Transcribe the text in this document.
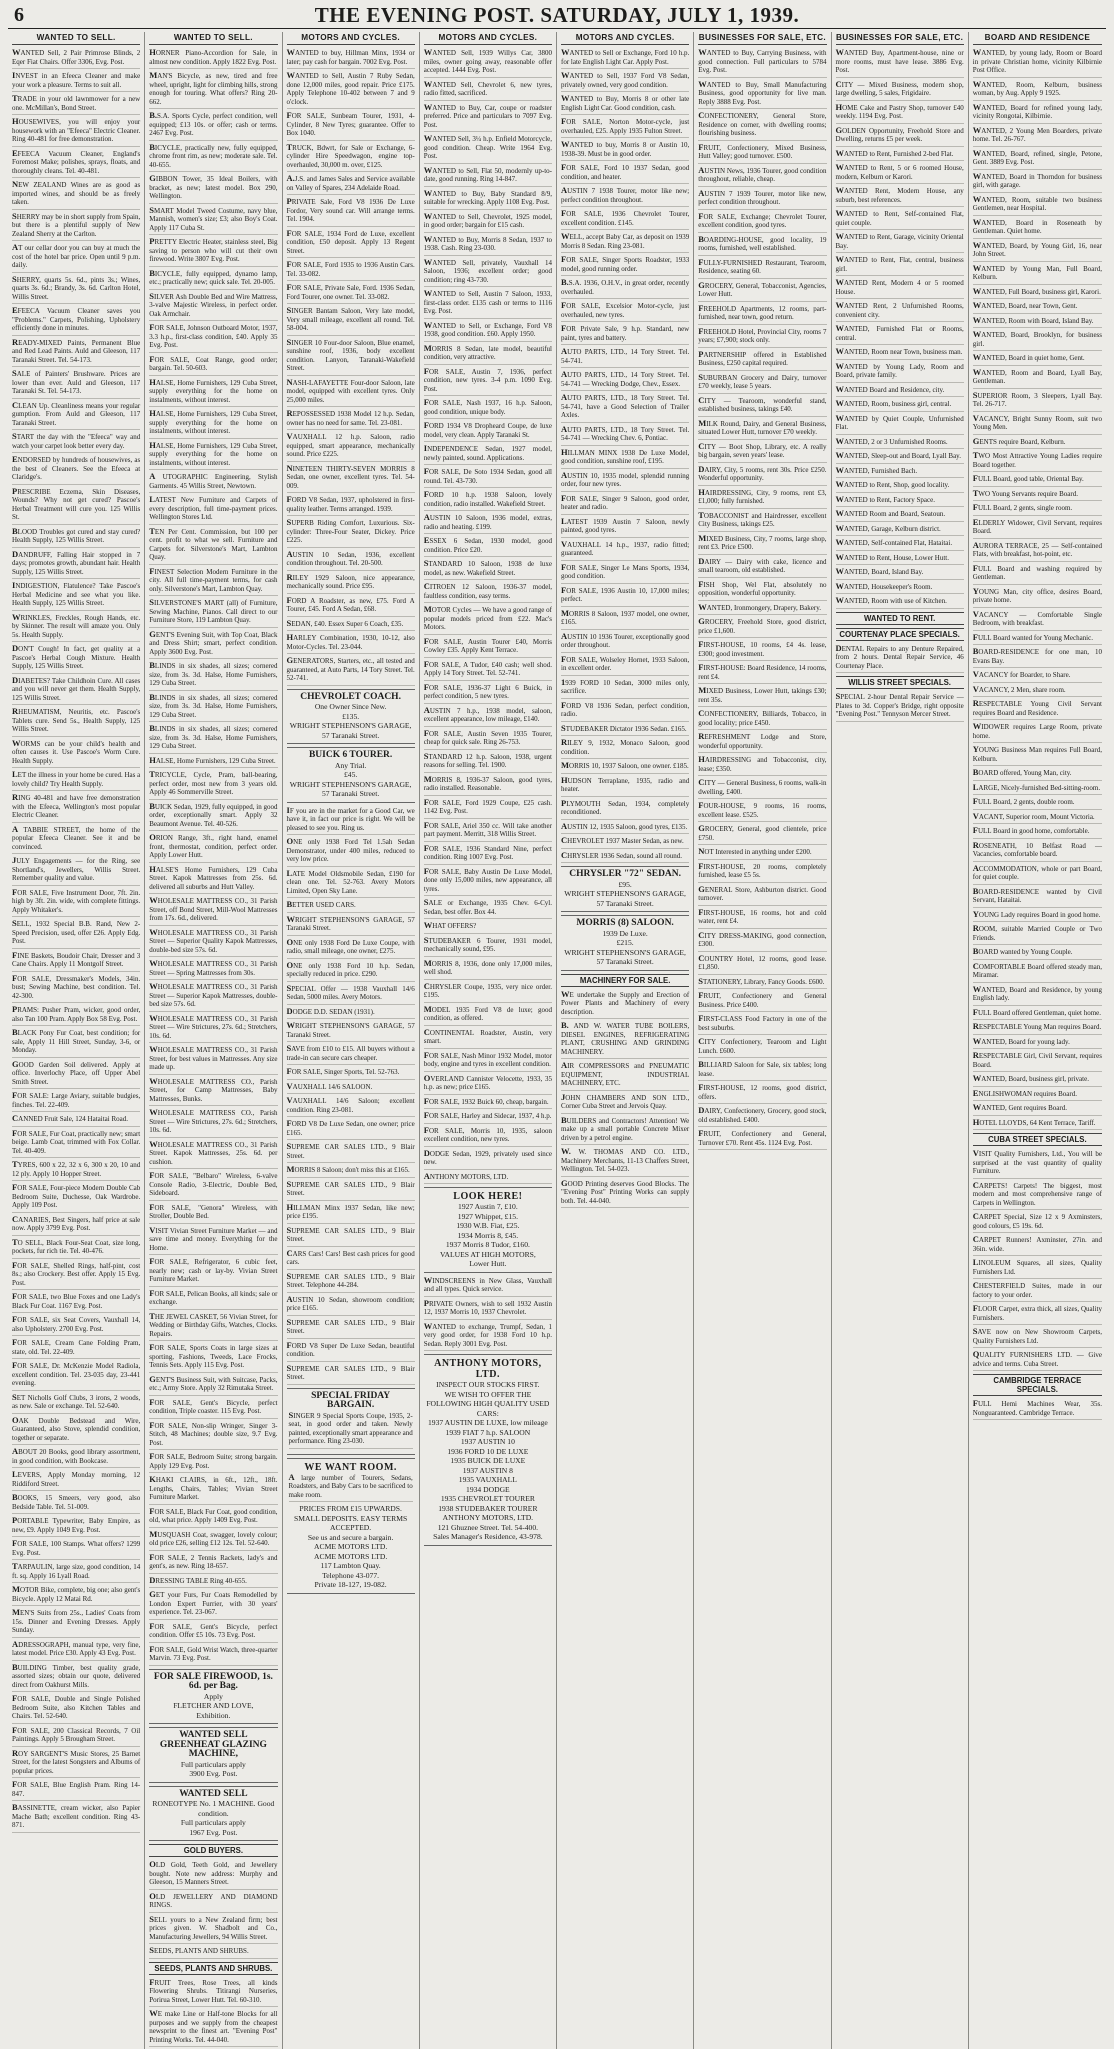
6	THE EVENING POST. SATURDAY, JULY 1, 1939.
WANTED TO SELL.

WANTED Sell, 2 Pair Primrose Blinds, 2 Eqer Fiat Chairs. Offer 3306, Evg. Post.

INVEST in an Efeeca Cleaner and make your work a pleasure. Terms to suit all.

TRADE in your old lawnmower for a new one. McMillan's, Bond Street.

HOUSEWIVES, you will enjoy your housework with an "Efeeca" Electric Cleaner. Ring 40-481 for free demonstration.

EFEECA Vacuum Cleaner, England's Foremost Make; polishes, sprays, floats, and thoroughly cleans. Tel. 40-481.

NEW ZEALAND Wines are as good as imported wines, and should be as freely taken.

SHERRY may be in short supply from Spain, but there is a plentiful supply of New Zealand Sherry at the Carlton.

AT our cellar door you can buy at much the cost of the hotel bar price. Open until 9 p.m. daily.

SHERRY, quarts 5s. 6d., pints 3s.; Wines, quarts 3s. 6d.; Brandy, 3s. 6d. Carlton Hotel, Willis Street.

EFEECA Vacuum Cleaner saves you "Problems." Carpets, Polishing, Upholstery efficiently done in minutes.

READY-MIXED Paints, Permanent Blue and Red Lead Paints. Auld and Gleeson, 117 Taranaki Street. Tel. 54-173.

SALE of Painters' Brushware. Prices are lower than ever. Auld and Gleeson, 117 Taranaki St. Tel. 54-173.

CLEAN Up. Cleanliness means your regular gumption. From Auld and Gleeson, 117 Taranaki Street.

START the day with the "Efeeca" way and watch your carpet look better every day.

ENDORSED by hundreds of housewives, as the best of Cleaners. See the Efeeca at Claridge's.

PRESCRIBE Eczema, Skin Diseases, Wounds? Why not get cured? Pascoe's Herbal Treatment will cure you. 125 Willis St.

BLOOD Troubles got cured and stay cured? Health Supply, 125 Willis Street.

DANDRUFF, Falling Hair stopped in 7 days; promotes growth, abundant hair. Health Supply, 125 Willis Street.

INDIGESTION, Flatulence? Take Pascoe's Herbal Medicine and see what you like. Health Supply, 125 Willis Street.

WRINKLES, Freckles, Rough Hands, etc. by Skinner. The result will amaze you. Only 5s. Health Supply.

DON'T Cough! In fact, get quality at a Pascoe's Herbal Cough Mixture. Health Supply, 125 Willis Street.

DIABETES? Take Childhoin Cure. All cases and you will never get them. Health Supply, 125 Willis Street.

RHEUMATISM, Neuritis, etc. Pascoe's Tablets cure. Send 5s., Health Supply, 125 Willis Street.

WORMS can be your child's health and often causes it. Use Pascoe's Worm Cure. Health Supply.

LET the illness in your home be cured. Has a lovely child? Try Health Supply.

RING 40-481 and have free demonstration with the Efeeca, Wellington's most popular Electric Cleaner.

A TABBIE STREET, the home of the popular Efeeca Cleaner. See it and be convinced.

JULY Engagements — for the Ring, see Shortland's, Jewellers, Willis Street. Remember quality and value.

FOR SALE, Five Instrument Door, 7ft. 2in. high by 3ft. 2in. wide, with complete fittings. Apply Whitaker's.

SELL, 1932 Special B.B. Rand, New 2-Speed Precision, used, offer £26. Apply Edg. Post.

FINE Baskets, Boudoir Chair, Dresser and 3 Cane Chairs. Apply 11 Montgolf Street.

FOR SALE, Dressmaker's Models, 34in. bust; Sewing Machine, best condition. Tel. 42-300.

PRAMS: Pusher Pram, wicker, good order, also Tan 100 Pram. Apply Box 58 Evg. Post.

BLACK Pony Fur Coat, best condition; for sale, Apply 11 Hill Street, Sunday, 3-6, or Monday.

GOOD Garden Soil delivered. Apply at office. Inverlochy Place, off Upper Abel Smith Street.

FOR SALE: Large Aviary, suitable budgies, finches. Tel. 22-409.

CANNED Fruit Sale, 124 Hataitai Road.

FOR SALE, Fur Coat, practically new; smart beige. Lamb Coat, trimmed with Fox Collar. Tel. 40-409.

TYRES, 600 x 22, 32 x 6, 300 x 20, 10 and 12 ply. Apply 10 Hopper Street.

FOR SALE, Four-piece Modern Double Cab Bedroom Suite, Duchesse, Oak Wardrobe. Apply 109 Post.

CANARIES, Best Singers, half price at sale now. Apply 3799 Evg. Post.

TO SELL, Black Four-Seat Coat, size long, pockets, fur rich tie. Tel. 40-476.

FOR SALE, Shelled Rings, half-pint, cost 8s.; also Crockery. Best offer. Apply 15 Evg. Post.

FOR SALE, two Blue Foxes and one Lady's Black Fur Coat. 1167 Evg. Post.

FOR SALE, six Seat Covers, Vauxhall 14, also Upholstery. 2700 Evg. Post.

FOR SALE, Cream Cane Folding Pram, state, old. Tel. 22-409.

FOR SALE, Dr. McKenzie Model Radiola, excellent condition. Tel. 23-035 day, 23-441 evening.

SET Nicholls Golf Clubs, 3 irons, 2 woods, as new. Sale or exchange. Tel. 52-640.

OAK Double Bedstead and Wire, Guaranteed, also Stove, splendid condition, together or separate.

ABOUT 20 Books, good library assortment, in good condition, with Bookcase.

LEVERS, Apply Monday morning, 12 Riddiford Street.

BOOKS, 15 Smeers, very good, also Bedside Table. Tel. 51-009.

PORTABLE Typewriter, Baby Empire, as new, £9. Apply 1049 Evg. Post.

FOR SALE, 100 Stamps. What offers? 1299 Evg. Post.

TARPAULIN, large size, good condition, 14 ft. sq. Apply 16 Lyall Road.

MOTOR Bike, complete, big one; also gent's Bicycle. Apply 12 Matai Rd.

MEN'S Suits from 25s., Ladies' Coats from 15s. Dinner and Evening Dresses. Apply Sunday.

ADRESSOGRAPH, manual type, very fine, latest model. Price £30. Apply 43 Evg. Post.

BUILDING Timber, best quality grade, assorted sizes; obtain our quote, delivered direct from Oakhurst Mills.

FOR SALE, Double and Single Polished Bedroom Suite, also Kitchen Tables and Chairs. Tel. 52-640.

FOR SALE, 200 Classical Records, 7 Oil Paintings. Apply 5 Brougham Street.

ROY SARGENT'S Music Stores, 25 Barnet Street, for the latest Songsters and Albums of popular prices.

FOR SALE, Blue English Pram. Ring 14-847.

BASSINETTE, cream wicker, also Papier Mache Bath; excellent condition. Ring 43-871.

WANTED TO SELL.

HORNER Piano-Accordion for Sale, in almost new condition. Apply 1822 Evg. Post.

MAN'S Bicycle, as new, tired and free wheel, upright, light for climbing hills, strong enough for touring. What offers? Ring 20-662.

B.S.A. Sports Cycle, perfect condition, well equipped; £13 10s. or offer; cash or terms. 2467 Evg. Post.

BICYCLE, practically new, fully equipped, chrome front rim, as new; moderate sale. Tel. 40-655.

GIBBON Tower, 35 Ideal Boilers, with bracket, as new; latest model. Box 290, Wellington.

SMART Model Tweed Costume, navy blue, Mannish, women's size; £3; also Boy's Coat. Apply 117 Cuba St.

PRETTY Electric Heater, stainless steel, Big saving to person who will cut their own firewood. Write 3807 Evg. Post.

BICYCLE, fully equipped, dynamo lamp, etc.; practically new; quick sale. Tel. 20-005.

SILVER Ash Double Bed and Wire Mattress, 3-valve Majestic Wireless, in perfect order. Oak Armchair.

FOR SALE, Johnson Outboard Motor, 1937, 3.3 h.p., first-class condition, £40. Apply 35 Evg. Post.

FOR SALE, Coat Range, good order; bargain. Tel. 50-603.

HALSE, Home Furnishers, 129 Cuba Street, supply everything for the home on instalments, without interest.

HALSE, Home Furnishers, 129 Cuba Street, supply everything for the home on instalments, without interest.

HALSE, Home Furnishers, 129 Cuba Street, supply everything for the home on instalments, without interest.

A UTOGRAPHIC Engineering, Stylish Garments. 45 Willis Street, Newtown.

LATEST New Furniture and Carpets of every description, full time-payment prices. Wellington Stores Ltd.

TEN Per Cent. Commission, but 100 per cent. profit to what we sell. Furniture and Carpets for. Silverstone's Mart, Lambton Quay.

FINEST Selection Modern Furniture in the city. All full time-payment terms, for cash only. Silverstone's Mart, Lambton Quay.

SILVERSTONE'S MART (all) of Furniture, Sewing Machine, Pianos. Call direct to our Furniture Store, 119 Lambton Quay.

GENT'S Evening Suit, with Top Coat, Black and Dress Shirt; smart, perfect condition. Apply 3600 Evg. Post.

BLINDS in six shades, all sizes; cornered size, from 3s. 3d. Halse, Home Furnishers, 129 Cuba Street.

BLINDS in six shades, all sizes; cornered size, from 3s. 3d. Halse, Home Furnishers, 129 Cuba Street.

BLINDS in six shades, all sizes; cornered size, from 3s. 3d. Halse, Home Furnishers, 129 Cuba Street.

HALSE, Home Furnishers, 129 Cuba Street.

TRICYCLE, Cycle, Pram, ball-bearing, perfect order, most new from 3 years old. Apply 46 Sommerville Street.

BUICK Sedan, 1929, fully equipped, in good order, exceptionally smart. Apply 32 Beaumont Avenue. Tel. 40-526.

ORION Range, 3ft., right hand, enamel front, thermostat, condition, perfect order. Apply Lower Hutt.

HALSE'S Home Furnishers, 129 Cuba Street. Kapok Mattresses from 25s. 6d. delivered all suburbs and Hutt Valley.

WHOLESALE MATTRESS CO., 31 Parish Street, off Bond Street, Mill-Wool Mattresses from 17s. 6d., delivered.

WHOLESALE MATTRESS CO., 31 Parish Street — Superior Quality Kapok Mattresses, double-bed size 57s. 6d.

WHOLESALE MATTRESS CO., 31 Parish Street — Spring Mattresses from 30s.

WHOLESALE MATTRESS CO., 31 Parish Street — Superior Kapok Mattresses, double-bed size 57s. 6d.

WHOLESALE MATTRESS CO., 31 Parish Street — Wire Strictures, 27s. 6d.; Stretchers, 10s. 6d.

WHOLESALE MATTRESS CO., 31 Parish Street, for best values in Mattresses. Any size made up.

WHOLESALE MATTRESS CO., Parish Street, for Camp Mattresses, Baby Mattresses, Bunks.

WHOLESALE MATTRESS CO., Parish Street — Wire Strictures, 27s. 6d.; Stretchers, 10s. 6d.

WHOLESALE MATTRESS CO., 31 Parish Street. Kapok Mattresses, 25s. 6d. per cushion.

FOR SALE, "Belbaro" Wireless, 6-valve Console Radio, 3-Electric, Double Bed, Sideboard.

FOR SALE, "Genora" Wireless, with Stroller, Double Bed.

VISIT Vivian Street Furniture Market — and save time and money. Everything for the Home.

FOR SALE, Refrigerator, 6 cubic feet, nearly new; cash or lay-by. Vivian Street Furniture Market.

FOR SALE, Pelican Books, all kinds; sale or exchange.

THE JEWEL CASKET, 56 Vivian Street, for Wedding or Birthday Gifts, Watches, Clocks. Repairs.

FOR SALE, Sports Coats in large sizes at sporting, Fashions, Tweeds, Lace Frocks, Tennis Sets. Apply 115 Evg. Post.

GENT'S Business Suit, with Suitcase, Packs, etc.; Army Store. Apply 32 Rimutaka Street.

FOR SALE, Gent's Bicycle, perfect condition, Triple coaster. 115 Evg. Post.

FOR SALE, Non-slip Wringer, Singer 3-Stitch, 48 Machines; double size, 9.7 Evg. Post.

FOR SALE, Bedroom Suite; strong bargain. Apply 129 Evg. Post.

KHAKI CLAIRS, in 6ft., 12ft., 18ft. Lengths, Chairs, Tables; Vivian Street Furniture Market.

FOR SALE, Black Fur Coat, good condition, old, what price. Apply 1409 Evg. Post.

MUSQUASH Coat, swagger, lovely colour; old price £26, selling £12 12s. Tel. 52-640.

FOR SALE, 2 Tennis Rackets, lady's and gent's, as new. Ring 18-657.

DRESSING TABLE Ring 40-655.

GET your Furs, Fur Coats Remodelled by London Expert Furrier, with 30 years' experience. Tel. 23-067.

FOR SALE, Gent's Bicycle, perfect condition. Offer £5 10s. 73 Evg. Post.

FOR SALE, Gold Wrist Watch, three-quarter Marvin. 73 Evg. Post.

FOR SALE FIREWOOD, 1s. 6d. per Bag.
Apply
FLETCHER AND LOVE,
Exhibition.
WANTED SELL GREENHEAT GLAZING MACHINE,
Full particulars apply
3900 Evg. Post.
WANTED SELL
RONEOTYPE No. 1 MACHINE. Good condition.
Full particulars apply
1967 Evg. Post.
GOLD BUYERS.

OLD Gold, Teeth Gold, and Jewellery bought. Note new address: Murphy and Gleeson, 15 Manners Street.

OLD JEWELLERY AND DIAMOND RINGS.

SELL yours to a New Zealand firm; best prices given. W. Shadbolt and Co., Manufacturing Jewellers, 94 Willis Street.

SEEDS, PLANTS AND SHRUBS.

SEEDS, PLANTS AND SHRUBS.

FRUIT Trees, Rose Trees, all kinds Flowering Shrubs. Titirangi Nurseries, Porirua Street, Lower Hutt. Tel. 60-310.

WE make Line or Half-tone Blocks for all purposes and we supply from the cheapest newsprint to the finest art. "Evening Post" Printing Works. Tel. 44-040.

MOTORS AND CYCLES.

WANTED to buy, Hillman Minx, 1934 or later; pay cash for bargain. 7002 Evg. Post.

WANTED to Sell, Austin 7 Ruby Sedan, done 12,000 miles, good repair. Price £175. Apply Telephone 10-402 between 7 and 9 o'clock.

FOR SALE, Sunbeam Tourer, 1931, 4-Cylinder, 8 New Tyres; guarantee. Offer to Box 1040.

TRUCK, Bdwrt, for Sale or Exchange, 6-cylinder Hire Speedwagon, engine top-overhauled, 30,000 m. over, £125.

A.J.S. and James Sales and Service available on Valley of Spares, 234 Adelaide Road.

PRIVATE Sale, Ford V8 1936 De Luxe Fordor, Very sound car. Will arrange terms. Tel. 1904.

FOR SALE, 1934 Ford de Luxe, excellent condition, £50 deposit. Apply 13 Regent Street.

FOR SALE, Ford 1935 to 1936 Austin Cars. Tel. 33-082.

FOR SALE, Private Sale, Ford. 1936 Sedan, Ford Tourer, one owner. Tel. 33-082.

SINGER Bantam Saloon, Very late model, Very small mileage, excellent all round. Tel. 58-004.

SINGER 10 Four-door Saloon, Blue enamel, sunshine roof, 1936, body excellent condition. Lanyon, Taranaki-Wakefield Street.

NASH-LAFAYETTE Four-door Saloon, late model, equipped with excellent tyres. Only 25,000 miles.

REPOSSESSED 1938 Model 12 h.p. Sedan, owner has no need for same. Tel. 23-081.

VAUXHALL 12 h.p. Saloon, radio equipped, smart appearance, mechanically sound. Price £225.

NINETEEN THIRTY-SEVEN MORRIS 8 Sedan, one owner, excellent tyres. Tel. 54-009.

FORD V8 Sedan, 1937, upholstered in first-quality leather. Terms arranged. 1939.

SUPERB Riding Comfort, Luxurious. Six-cylinder: Three-Four Seater, Dickey. Price £225.

AUSTIN 10 Sedan, 1936, excellent condition throughout. Tel. 20-500.

RILEY 1929 Saloon, nice appearance, mechanically sound. Price £95.

FORD A Roadster, as new, £75. Ford A Tourer, £45. Ford A Sedan, £68.

SEDAN, £40. Essex Super 6 Coach, £35.

HARLEY Combination, 1930, 10-12, also Motor-Cycles. Tel. 23-044.

GENERATORS, Starters, etc., all tested and guaranteed, at Auto Parts, 14 Tory Street. Tel. 52-741.

CHEVROLET COACH.
One Owner Since New.
£135.
WRIGHT STEPHENSON'S GARAGE,
57 Taranaki Street.
BUICK 6 TOURER.
Any Trial.
£45.
WRIGHT STEPHENSON'S GARAGE,
57 Taranaki Street.

IF you are in the market for a Good Car, we have it, in fact our price is right. We will be pleased to see you. Ring us.

ONE only 1938 Ford Tel 1.5ah Sedan Demonstrator, under 400 miles, reduced to very low price.

LATE Model Oldsmobile Sedan, £190 for clean one. Tel. 52-763. Avery Motors Limited, Open Sky Lane.

BETTER USED CARS.

WRIGHT STEPHENSON'S GARAGE, 57 Taranaki Street.

ONE only 1938 Ford De Luxe Coupe, with radio, small mileage, one owner, £275.

ONE only 1938 Ford 10 h.p. Sedan, specially reduced in price. £290.

SPECIAL Offer — 1938 Vauxhall 14/6 Sedan, 5000 miles. Avery Motors.

DODGE D.D. SEDAN (1931).

WRIGHT STEPHENSON'S GARAGE, 57 Taranaki Street.

SAVE from £10 to £15. All buyers without a trade-in can secure cars cheaper.

FOR SALE, Singer Sports, Tel. 52-763.

VAUXHALL 14/6 SALOON.

VAUXHALL 14/6 Saloon; excellent condition. Ring 23-081.

FORD V8 De Luxe Sedan, one owner; price £165.

SUPREME CAR SALES LTD., 9 Blair Street.

MORRIS 8 Saloon; don't miss this at £165.

SUPREME CAR SALES LTD., 9 Blair Street.

HILLMAN Minx 1937 Sedan, like new; price £195.

SUPREME CAR SALES LTD., 9 Blair Street.

CARS Cars! Cars! Best cash prices for good cars.

SUPREME CAR SALES LTD., 9 Blair Street. Telephone 44-284.

AUSTIN 10 Sedan, showroom condition; price £165.

SUPREME CAR SALES LTD., 9 Blair Street.

FORD V8 Super De Luxe Sedan, beautiful condition.

SUPREME CAR SALES LTD., 9 Blair Street.

SPECIAL FRIDAY BARGAIN.
SINGER 9 Special Sports Coupe, 1935, 2-seat, in good order and taken. Newly painted, exceptionally smart appearance and performance. Ring 23-030.
WE WANT ROOM.
A large number of Tourers, Sedans, Roadsters, and Baby Cars to be sacrificed to make room.
PRICES FROM £15 UPWARDS.
SMALL DEPOSITS. EASY TERMS ACCEPTED.
See us and secure a bargain.
ACME MOTORS LTD.
ACME MOTORS LTD.
117 Lambton Quay.
Telephone 43-077.
Private 18-127, 19-082.
MOTORS AND CYCLES.

WANTED Sell, 1939 Willys Car, 3800 miles, owner going away, reasonable offer accepted. 1444 Evg. Post.

WANTED Sell, Chevrolet 6, new tyres, radio fitted, sacrificed.

WANTED to Buy, Car, coupe or roadster preferred. Price and particulars to 7097 Evg. Post.

WANTED Sell, 3¼ h.p. Enfield Motorcycle, good condition. Cheap. Write 1964 Evg. Post.

WANTED to Sell, Flat 50, modernly up-to-date, good running. Ring 14-847.

WANTED to Buy, Baby Standard 8/9, suitable for wrecking. Apply 1108 Evg. Post.

WANTED to Sell, Chevrolet, 1925 model, in good order; bargain for £15 cash.

WANTED to Buy, Morris 8 Sedan, 1937 to 1938. Cash. Ring 23-030.

WANTED Sell, privately, Vauxhall 14 Saloon, 1936; excellent order; good condition; ring 43-730.

WANTED to Sell, Austin 7 Saloon, 1933, first-class order. £135 cash or terms to 1116 Evg. Post.

WANTED to Sell, or Exchange, Ford V8 1938, good condition. £60. Apply 1950.

MORRIS 8 Sedan, late model, beautiful condition, very attractive.

FOR SALE, Austin 7, 1936, perfect condition, new tyres. 3-4 p.m. 1090 Evg. Post.

FOR SALE, Nash 1937, 16 h.p. Saloon, good condition, unique body.

FORD 1934 V8 Dropheard Coupe, de luxe model, very clean. Apply Taranaki St.

INDEPENDENCE Sedan, 1927 model, newly painted, sound. Applications.

FOR SALE, De Soto 1934 Sedan, good all round. Tel. 43-730.

FORD 10 h.p. 1938 Saloon, lovely condition, radio installed. Wakefield Street.

AUSTIN 10 Saloon, 1936 model, extras, radio and heating. £199.

ESSEX 6 Sedan, 1930 model, good condition. Price £20.

STANDARD 10 Saloon, 1938 de luxe model, as new. Wakefield Street.

CITROEN 12 Saloon, 1936-37 model, faultless condition, easy terms.

MOTOR Cycles — We have a good range of popular models priced from £22. Mac's Motors.

FOR SALE, Austin Tourer £40, Morris Cowley £35. Apply Kent Terrace.

FOR SALE, A Tudor, £40 cash; well shod. Apply 14 Tory Street. Tel. 52-741.

FOR SALE, 1936-37 Light 6 Buick, in perfect condition, 5 new tyres.

AUSTIN 7 h.p., 1938 model, saloon, excellent appearance, low mileage, £140.

FOR SALE, Austin Seven 1935 Tourer, cheap for quick sale. Ring 26-753.

STANDARD 12 h.p. Saloon, 1938, urgent reasons for selling. Tel. 1900.

MORRIS 8, 1936-37 Saloon, good tyres, radio installed. Reasonable.

FOR SALE, Ford 1929 Coupe, £25 cash. 1142 Evg. Post.

FOR SALE, Ariel 350 cc. Will take another part payment. Merritt, 318 Willis Street.

FOR SALE, 1936 Standard Nine, perfect condition. Ring 1007 Evg. Post.

FOR SALE, Baby Austin De Luxe Model, done only 15,000 miles, new appearance, all tyres.

SALE or Exchange, 1935 Chev. 6-Cyl. Sedan, best offer. Box 44.

WHAT OFFERS?

STUDEBAKER 6 Tourer, 1931 model, mechanically sound, £95.

MORRIS 8, 1936, done only 17,000 miles, well shod.

CHRYSLER Coupe, 1935, very nice order. £195.

MODEL 1935 Ford V8 de luxe; good condition, as offered.

CONTINENTAL Roadster, Austin, very smart.

FOR SALE, Nash Minor 1932 Model, motor body, engine and tyres in excellent condition.

OVERLAND Cannister Velocette, 1933, 35 h.p. as new; price £165.

FOR SALE, 1932 Buick 60, cheap, bargain.

FOR SALE, Harley and Sidecar, 1937, 4 h.p.

FOR SALE, Morris 10, 1935, saloon excellent condition, new tyres.

DODGE Sedan, 1929, privately used since new.

ANTHONY MOTORS, LTD.

LOOK HERE!
1927 Austin 7, £10.
1927 Whippet, £15.
1930 W.B. Fiat, £25.
1934 Morris 8, £45.
1937 Morris 8 Tudor, £160.
VALUES AT HIGH MOTORS,
Lower Hutt.

WINDSCREENS in New Glass, Vauxhall and all types. Quick service.

PRIVATE Owners, wish to sell 1932 Austin 12, 1937 Morris 10, 1937 Chevrolet.

WANTED to exchange, Trumpf, Sedan, 1 very good order, for 1938 Ford 10 h.p. Sedan. Reply 3001 Evg. Post.

ANTHONY MOTORS, LTD.
INSPECT OUR STOCKS FIRST.
WE WISH TO OFFER THE FOLLOWING HIGH QUALITY USED CARS:
1937 AUSTIN DE LUXE, low mileage
1939 FIAT 7 h.p. SALOON
1937 AUSTIN 10
1936 FORD 10 DE LUXE
1935 BUICK DE LUXE
1937 AUSTIN 8
1935 VAUXHALL
1934 DODGE
1935 CHEVROLET TOURER
1938 STUDEBAKER TOURER
ANTHONY MOTORS, LTD.
121 Ghuznee Street. Tel. 54-400.
Sales Manager's Residence, 43-978.
MOTORS AND CYCLES.

WANTED to Sell or Exchange, Ford 10 h.p. for late English Light Car. Apply Post.

WANTED to Sell, 1937 Ford V8 Sedan, privately owned, very good condition.

WANTED to Buy, Morris 8 or other late English Light Car. Good condition, cash.

FOR SALE, Norton Motor-cycle, just overhauled, £25. Apply 1935 Fulton Street.

WANTED to buy, Morris 8 or Austin 10, 1938-39. Must be in good order.

FOR SALE, Ford 10 1937 Sedan, good condition, and heater.

AUSTIN 7 1938 Tourer, motor like new; perfect condition throughout.

FOR SALE, 1936 Chevrolet Tourer, excellent condition. £145.

WELL, accept Baby Car, as deposit on 1939 Morris 8 Sedan. Ring 23-081.

FOR SALE, Singer Sports Roadster, 1933 model, good running order.

B.S.A. 1936, O.H.V., in great order, recently overhauled.

FOR SALE, Excelsior Motor-cycle, just overhauled, new tyres.

FOR Private Sale, 9 h.p. Standard, new paint, tyres and battery.

AUTO PARTS, LTD., 14 Tory Street. Tel. 54-741.

AUTO PARTS, LTD., 14 Tory Street. Tel. 54-741 — Wrecking Dodge, Chev., Essex.

AUTO PARTS, LTD., 18 Tory Street. Tel. 54-741, have a Good Selection of Trailer Axles.

AUTO PARTS, LTD., 18 Tory Street. Tel. 54-741 — Wrecking Chev. 6, Pontiac.

HILLMAN MINX 1938 De Luxe Model, good condition, sunshine roof, £195.

AUSTIN 10, 1935 model, splendid running order, four new tyres.

FOR SALE, Singer 9 Saloon, good order, heater and radio.

LATEST 1939 Austin 7 Saloon, newly painted, good tyres.

VAUXHALL 14 h.p., 1937, radio fitted; guaranteed.

FOR SALE, Singer Le Mans Sports, 1934, good condition.

FOR SALE, 1936 Austin 10, 17,000 miles; perfect.

MORRIS 8 Saloon, 1937 model, one owner, £165.

AUSTIN 10 1936 Tourer, exceptionally good order throughout.

FOR SALE, Wolseley Hornet, 1933 Saloon, in excellent order.

1939 FORD 10 Sedan, 3000 miles only, sacrifice.

FORD V8 1936 Sedan, perfect condition, radio.

STUDEBAKER Dictator 1936 Sedan. £165.

RILEY 9, 1932, Monaco Saloon, good condition.

MORRIS 10, 1937 Saloon, one owner. £185.

HUDSON Terraplane, 1935, radio and heater.

PLYMOUTH Sedan, 1934, completely reconditioned.

AUSTIN 12, 1935 Saloon, good tyres, £135.

CHEVROLET 1937 Master Sedan, as new.

CHRYSLER 1936 Sedan, sound all round.

CHRYSLER "72" SEDAN.
£95.
WRIGHT STEPHENSON'S GARAGE,
57 Taranaki Street.
MORRIS (8) SALOON.
1939 De Luxe.
£215.
WRIGHT STEPHENSON'S GARAGE,
57 Taranaki Street.
MACHINERY FOR SALE.

WE undertake the Supply and Erection of Power Plants and Machinery of every description.

B. AND W. WATER TUBE BOILERS, DIESEL ENGINES, REFRIGERATING PLANT, CRUSHING AND GRINDING MACHINERY.

AIR COMPRESSORS and PNEUMATIC EQUIPMENT, INDUSTRIAL MACHINERY, ETC.

JOHN CHAMBERS AND SON LTD., Corner Cuba Street and Jervois Quay.

BUILDERS and Contractors! Attention! We make up a small portable Concrete Mixer driven by a petrol engine.

W. W. THOMAS AND CO. LTD., Machinery Merchants, 11-13 Chaffers Street, Wellington. Tel. 54-023.

GOOD Printing deserves Good Blocks. The "Evening Post" Printing Works can supply both. Tel. 44-040.

BUSINESSES FOR SALE, ETC.

WANTED to Buy, Carrying Business, with good connection. Full particulars to 5784 Evg. Post.

WANTED to Buy, Small Manufacturing Business, good opportunity for live man. Reply 3888 Evg. Post.

CONFECTIONERY, General Store, Residence on corner, with dwelling rooms; flourishing business.

FRUIT, Confectionery, Mixed Business, Hutt Valley; good turnover. £500.

AUSTIN News, 1936 Tourer, good condition throughout, reliable, cheap.

AUSTIN 7 1939 Tourer, motor like new, perfect condition throughout.

FOR SALE, Exchange; Chevrolet Tourer, excellent condition, good tyres.

BOARDING-HOUSE, good locality, 19 rooms, furnished, well established.

FULLY-FURNISHED Restaurant, Tearoom, Residence, seating 60.

GROCERY, General, Tobacconist, Agencies, Lower Hutt.

FREEHOLD Apartments, 12 rooms, part-furnished, near town, good return.

FREEHOLD Hotel, Provincial City, rooms 7 years; £7,900; stock only.

PARTNERSHIP offered in Established Business, £250 capital required.

SUBURBAN Grocery and Dairy, turnover £70 weekly, lease 5 years.

CITY — Tearoom, wonderful stand, established business, takings £40.

MILK Round, Dairy, and General Business, situated Lower Hutt, turnover £70 weekly.

CITY — Boot Shop, Library, etc. A really big bargain, seven years' lease.

DAIRY, City, 5 rooms, rent 30s. Price £250. Wonderful opportunity.

HAIRDRESSING, City, 9 rooms, rent £3, £1,000; fully furnished.

TOBACCONIST and Hairdresser, excellent City Business, takings £25.

MIXED Business, City, 7 rooms, large shop, rent £3. Price £500.

DAIRY — Dairy with cake, licence and small tearoom, old established.

FISH Shop, Wel Flat, absolutely no opposition, wonderful opportunity.

WANTED, Ironmongery, Drapery, Bakery.

GROCERY, Freehold Store, good district, price £1,600.

FIRST-HOUSE, 10 rooms, £4 4s. lease, £300; good investment.

FIRST-HOUSE: Board Residence, 14 rooms, rent £4.

MIXED Business, Lower Hutt, takings £30; rent 35s.

CONFECTIONERY, Billiards, Tobacco, in good locality; price £450.

REFRESHMENT Lodge and Store, wonderful opportunity.

HAIRDRESSING and Tobacconist, city, lease; £350.

CITY — General Business, 6 rooms, walk-in dwelling, £400.

FOUR-HOUSE, 9 rooms, 16 rooms, excellent lease. £525.

GROCERY, General, good clientele, price £750.

NOT Interested in anything under £200.

FIRST-HOUSE, 20 rooms, completely furnished, lease £5 5s.

GENERAL Store, Ashburton district. Good turnover.

FIRST-HOUSE, 16 rooms, hot and cold water, rent £4.

CITY DRESS-MAKING, good connection, £300.

COUNTRY Hotel, 12 rooms, good lease. £1,850.

STATIONERY, Library, Fancy Goods. £600.

FRUIT, Confectionery and General Business. Price £400.

FIRST-CLASS Food Factory in one of the best suburbs.

CITY Confectionery, Tearoom and Light Lunch. £600.

BILLIARD Saloon for Sale, six tables; long lease.

FIRST-HOUSE, 12 rooms, good district, offers.

DAIRY, Confectionery, Grocery, good stock, old established. £400.

FRUIT, Confectionery and General, Turnover £70. Rent 45s. 1124 Evg. Post.

BUSINESSES FOR SALE, ETC.

WANTED Buy, Apartment-house, nine or more rooms, must have lease. 3886 Evg. Post.

CITY — Mixed Business, modern shop, large dwelling, 5 sales, Frigidaire.

HOME Cake and Pastry Shop, turnover £40 weekly. 1194 Evg. Post.

GOLDEN Opportunity, Freehold Store and Dwelling, returns £5 per week.

WANTED to Rent, Furnished 2-bed Flat.

WANTED to Rent, 5 or 6 roomed House, modern, Kelburn or Karori.

WANTED Rent, Modern House, any suburb, best references.

WANTED to Rent, Self-contained Flat, quiet couple.

WANTED to Rent, Garage, vicinity Oriental Bay.

WANTED to Rent, Flat, central, business girl.

WANTED Rent, Modern 4 or 5 roomed House.

WANTED Rent, 2 Unfurnished Rooms, convenient city.

WANTED, Furnished Flat or Rooms, central.

WANTED, Room near Town, business man.

WANTED by Young Lady, Room and Board, private family.

WANTED Board and Residence, city.

WANTED, Room, business girl, central.

WANTED by Quiet Couple, Unfurnished Flat.

WANTED, 2 or 3 Unfurnished Rooms.

WANTED, Sleep-out and Board, Lyall Bay.

WANTED, Furnished Bach.

WANTED to Rent, Shop, good locality.

WANTED to Rent, Factory Space.

WANTED Room and Board, Seatoun.

WANTED, Garage, Kelburn district.

WANTED, Self-contained Flat, Hataitai.

WANTED to Rent, House, Lower Hutt.

WANTED, Board, Island Bay.

WANTED, Housekeeper's Room.

WANTED, Room with use of Kitchen.

WANTED TO RENT.
COURTENAY PLACE SPECIALS.

DENTAL Repairs to any Denture Repaired, from 2 hours. Dental Repair Service, 46 Courtenay Place.

WILLIS STREET SPECIALS.

SPECIAL 2-hour Dental Repair Service — Plates to 3d. Copper's Bridge, right opposite "Evening Post." Tennyson Mercer Street.

BOARD AND RESIDENCE

WANTED, by young lady, Room or Board in private Christian home, vicinity Kilbirnie Post Office.

WANTED, Room, Kelburn, business woman, by Aug. Apply 9 1925.

WANTED, Board for refined young lady, vicinity Rongotai, Kilbirnie.

WANTED, 2 Young Men Boarders, private home. Tel. 26-767.

WANTED, Board, refined, single, Petone, Gent. 3889 Evg. Post.

WANTED, Board in Thorndon for business girl, with garage.

WANTED, Room, suitable two business Gentlemen, near Hospital.

WANTED, Board in Roseneath by Gentleman. Quiet home.

WANTED, Board, by Young Girl, 16, near John Street.

WANTED by Young Man, Full Board, Kelburn.

WANTED, Full Board, business girl, Karori.

WANTED, Board, near Town, Gent.

WANTED, Room with Board, Island Bay.

WANTED, Board, Brooklyn, for business girl.

WANTED, Board in quiet home, Gent.

WANTED, Room and Board, Lyall Bay, Gentleman.

SUPERIOR Room, 3 Sleepers, Lyall Bay. Tel. 26-717.

VACANCY, Bright Sunny Room, suit two Young Men.

GENTS require Board, Kelburn.

TWO Most Attractive Young Ladies require Board together.

FULL Board, good table, Oriental Bay.

TWO Young Servants require Board.

FULL Board, 2 gents, single room.

ELDERLY Widower, Civil Servant, requires Board.

AURORA TERRACE, 25 — Self-contained Flats, with breakfast, hot-point, etc.

FULL Board and washing required by Gentleman.

YOUNG Man, city office, desires Board, private home.

VACANCY — Comfortable Single Bedroom, with breakfast.

FULL Board wanted for Young Mechanic.

BOARD-RESIDENCE for one man, 10 Evans Bay.

VACANCY for Boarder, to Share.

VACANCY, 2 Men, share room.

RESPECTABLE Young Civil Servant requires Board and Residence.

WIDOWER requires Large Room, private home.

YOUNG Business Man requires Full Board, Kelburn.

BOARD offered, Young Man, city.

LARGE, Nicely-furnished Bed-sitting-room.

FULL Board, 2 gents, double room.

VACANT, Superior room, Mount Victoria.

FULL Board in good home, comfortable.

ROSENEATH, 10 Belfast Road — Vacancies, comfortable board.

ACCOMMODATION, whole or part Board, for quiet couple.

BOARD-RESIDENCE wanted by Civil Servant, Hataitai.

YOUNG Lady requires Board in good home.

ROOM, suitable Married Couple or Two Friends.

BOARD wanted by Young Couple.

COMFORTABLE Board offered steady man, Miramar.

WANTED, Board and Residence, by young English lady.

FULL Board offered Gentleman, quiet home.

RESPECTABLE Young Man requires Board.

WANTED, Board for young lady.

RESPECTABLE Girl, Civil Servant, requires Board.

WANTED, Board, business girl, private.

ENGLISHWOMAN requires Board.

WANTED, Gent requires Board.

HOTEL LLOYDS, 64 Kent Terrace, Tariff.

CUBA STREET SPECIALS.

VISIT Quality Furnishers, Ltd., You will be surprised at the vast quantity of quality Furniture.

CARPETS! Carpets! The biggest, most modern and most comprehensive range of Carpets in Wellington.

CARPET Special, Size 12 x 9 Axminsters, good colours, £5 19s. 6d.

CARPET Runners! Axminster, 27in. and 36in. wide.

LINOLEUM Squares, all sizes, Quality Furnishers Ltd.

CHESTERFIELD Suites, made in our factory to your order.

FLOOR Carpet, extra thick, all sizes, Quality Furnishers.

SAVE now on New Showroom Carpets, Quality Furnishers Ltd.

QUALITY FURNISHERS LTD. — Give advice and terms. Cuba Street.

CAMBRIDGE TERRACE SPECIALS.

FULL Hemi Machines Wear, 35s. Nonguaranteed. Cambridge Terrace.
